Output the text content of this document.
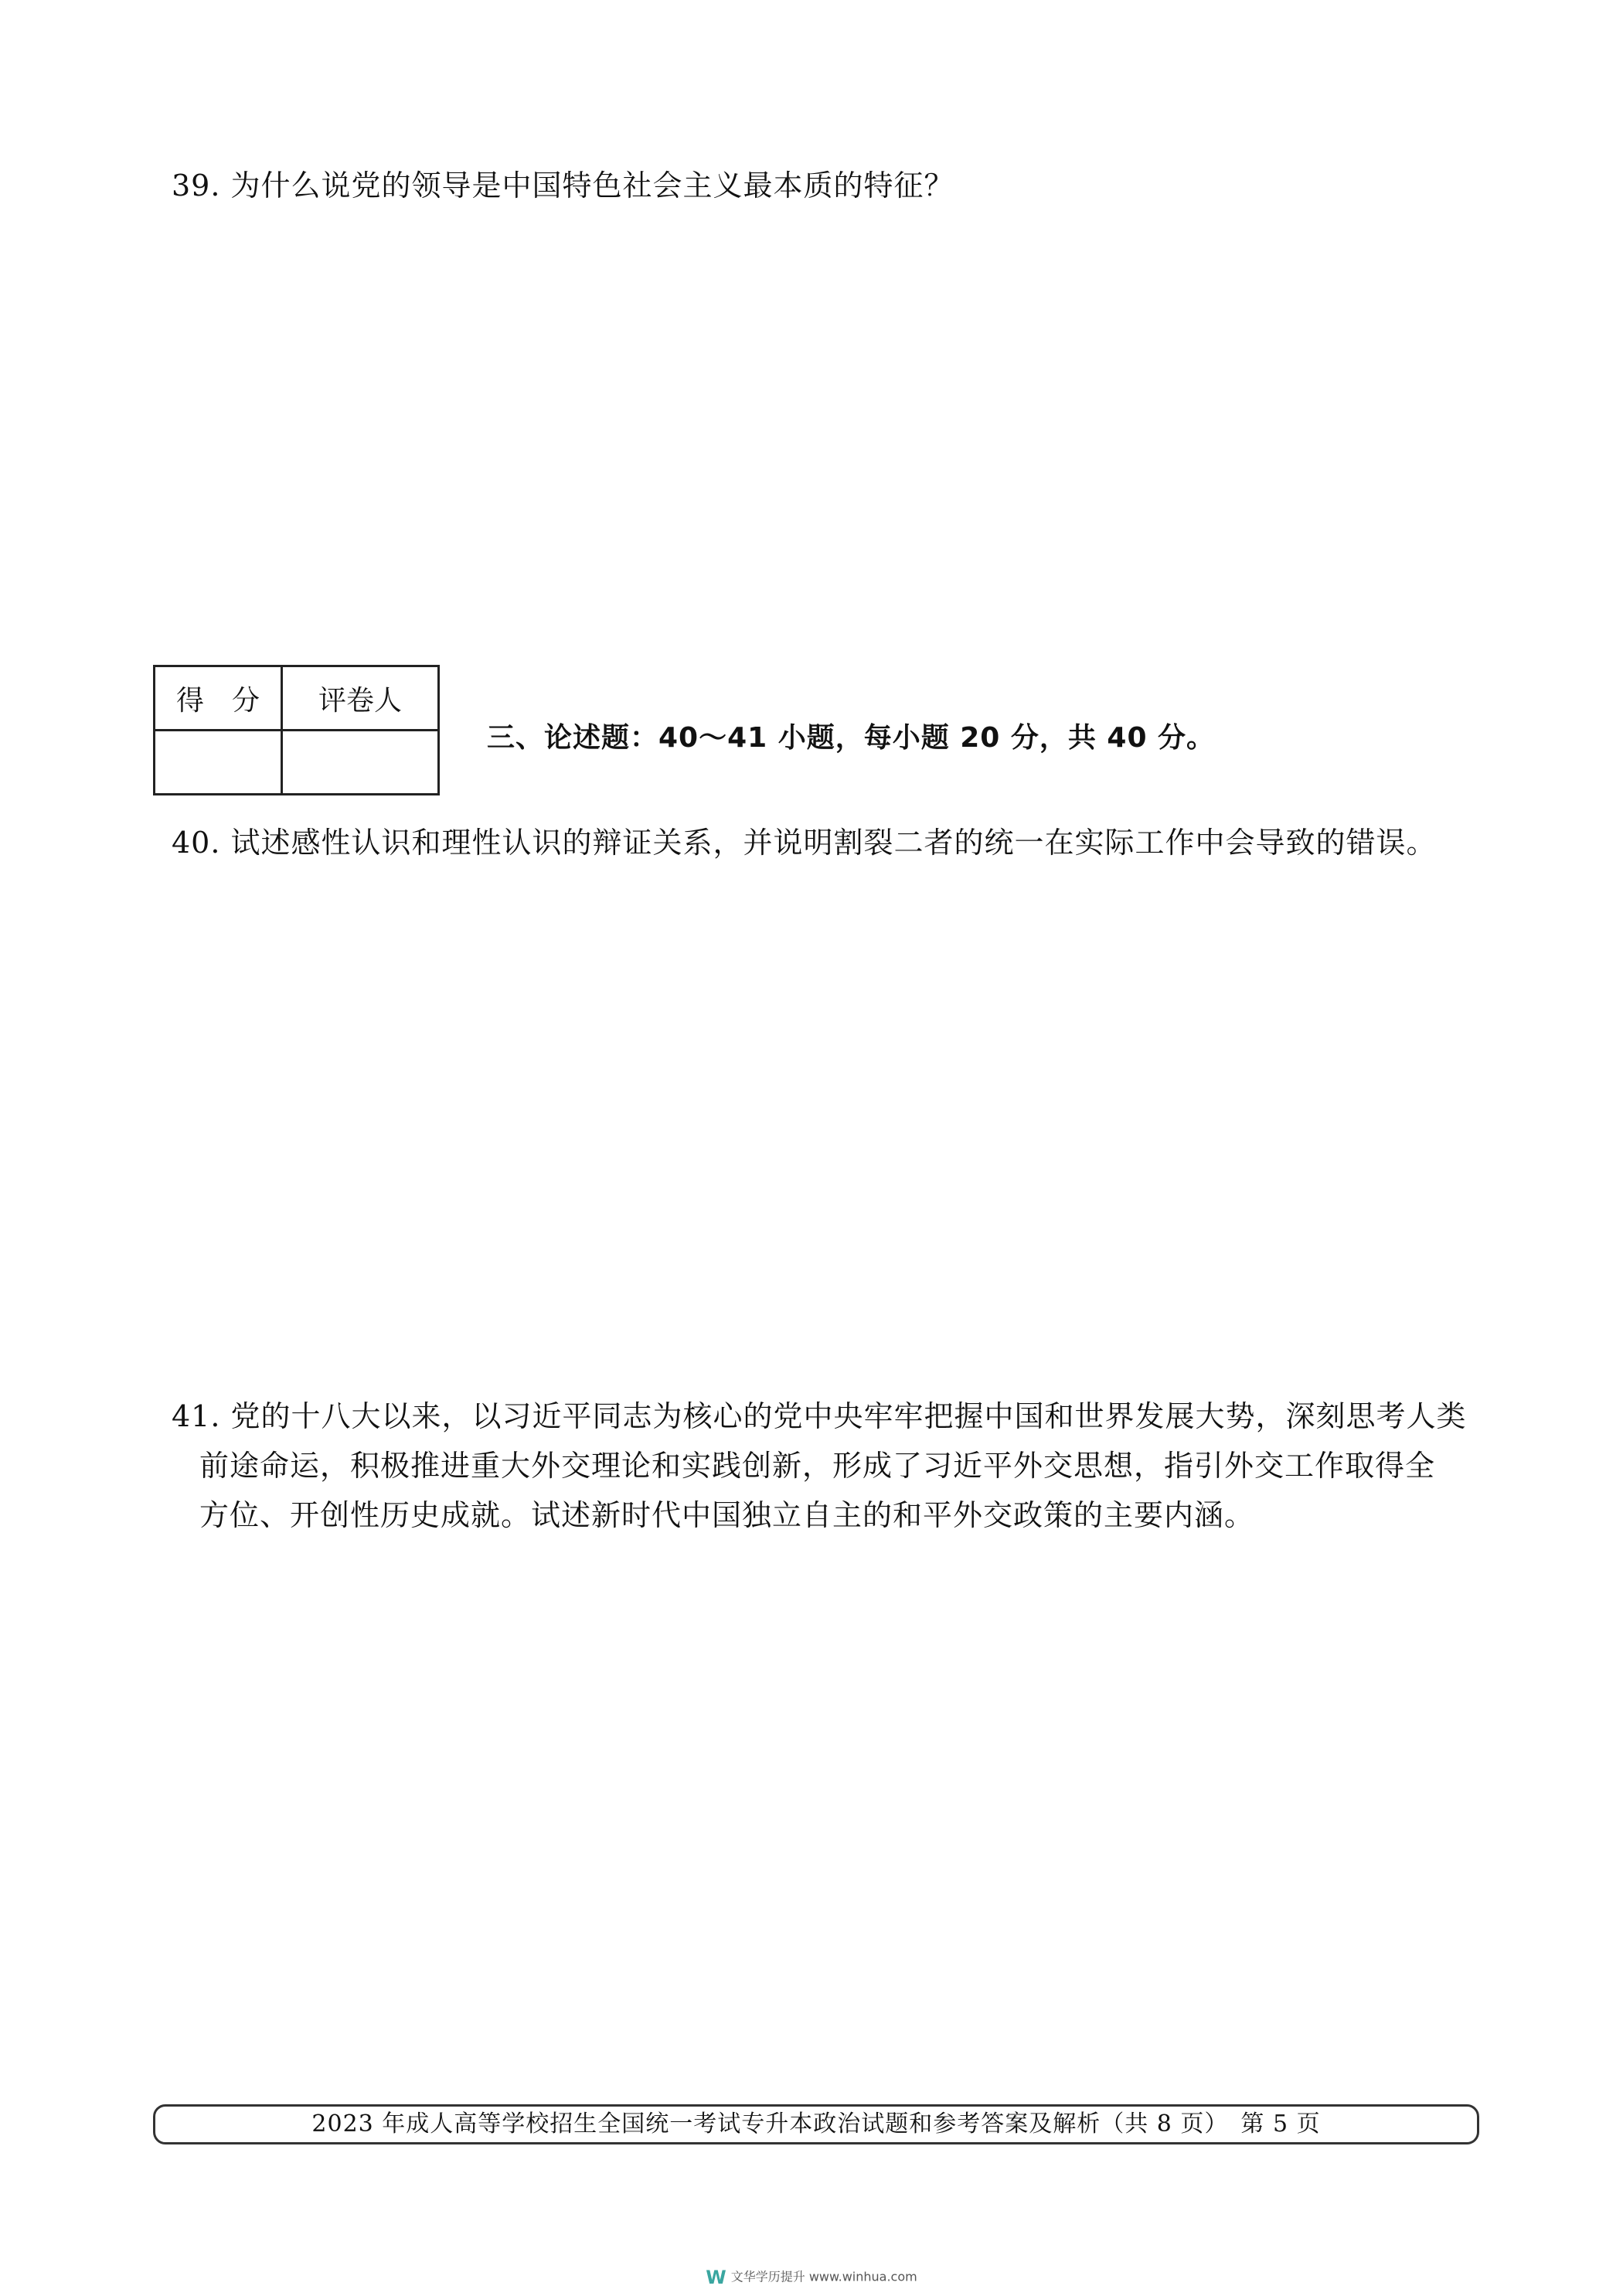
39. 为什么说党的领导是中国特色社会主义最本质的特征？
得　分	评卷人

三、论述题：40～41 小题，每小题 20 分，共 40 分。
40. 试述感性认识和理性认识的辩证关系，并说明割裂二者的统一在实际工作中会导致的错误。
41. 党的十八大以来，以习近平同志为核心的党中央牢牢把握中国和世界发展大势，深刻思考人类
前途命运，积极推进重大外交理论和实践创新，形成了习近平外交思想，指引外交工作取得全
方位、开创性历史成就。试述新时代中国独立自主的和平外交政策的主要内涵。
2023 年成人高等学校招生全国统一考试专升本政治试题和参考答案及解析（共 8 页）　第 5 页
W文华学历提升 www.winhua.com
